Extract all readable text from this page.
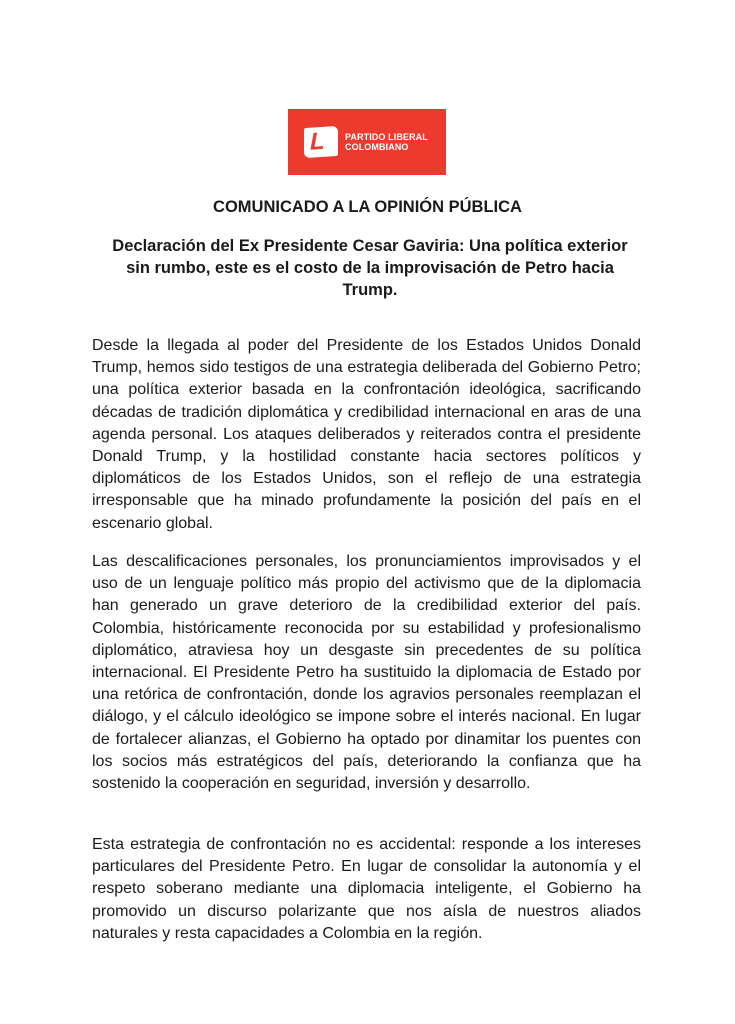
L PARTIDO LIBERAL
COLOMBIANO
COMUNICADO A LA OPINIÓN PÚBLICA
Declaración del Ex Presidente Cesar Gaviria: Una política exterior sin rumbo, este es el costo de la improvisación de Petro hacia Trump.

Desde la llegada al poder del Presidente de los Estados Unidos Donald Trump, hemos sido testigos de una estrategia deliberada del Gobierno Petro; una política exterior basada en la confrontación ideológica, sacrificando décadas de tradición diplomática y credibilidad internacional en aras de una agenda personal. Los ataques deliberados y reiterados contra el presidente Donald Trump, y la hostilidad constante hacia sectores políticos y diplomáticos de los Estados Unidos, son el reflejo de una estrategia irresponsable que ha minado profundamente la posición del país en el escenario global.

Las descalificaciones personales, los pronunciamientos improvisados y el uso de un lenguaje político más propio del activismo que de la diplomacia han generado un grave deterioro de la credibilidad exterior del país. Colombia, históricamente reconocida por su estabilidad y profesionalismo diplomático, atraviesa hoy un desgaste sin precedentes de su política internacional. El Presidente Petro ha sustituido la diplomacia de Estado por una retórica de confrontación, donde los agravios personales reemplazan el diálogo, y el cálculo ideológico se impone sobre el interés nacional. En lugar de fortalecer alianzas, el Gobierno ha optado por dinamitar los puentes con los socios más estratégicos del país, deteriorando la confianza que ha sostenido la cooperación en seguridad, inversión y desarrollo.

Esta estrategia de confrontación no es accidental: responde a los intereses particulares del Presidente Petro. En lugar de consolidar la autonomía y el respeto soberano mediante una diplomacia inteligente, el Gobierno ha promovido un discurso polarizante que nos aísla de nuestros aliados naturales y resta capacidades a Colombia en la región.
